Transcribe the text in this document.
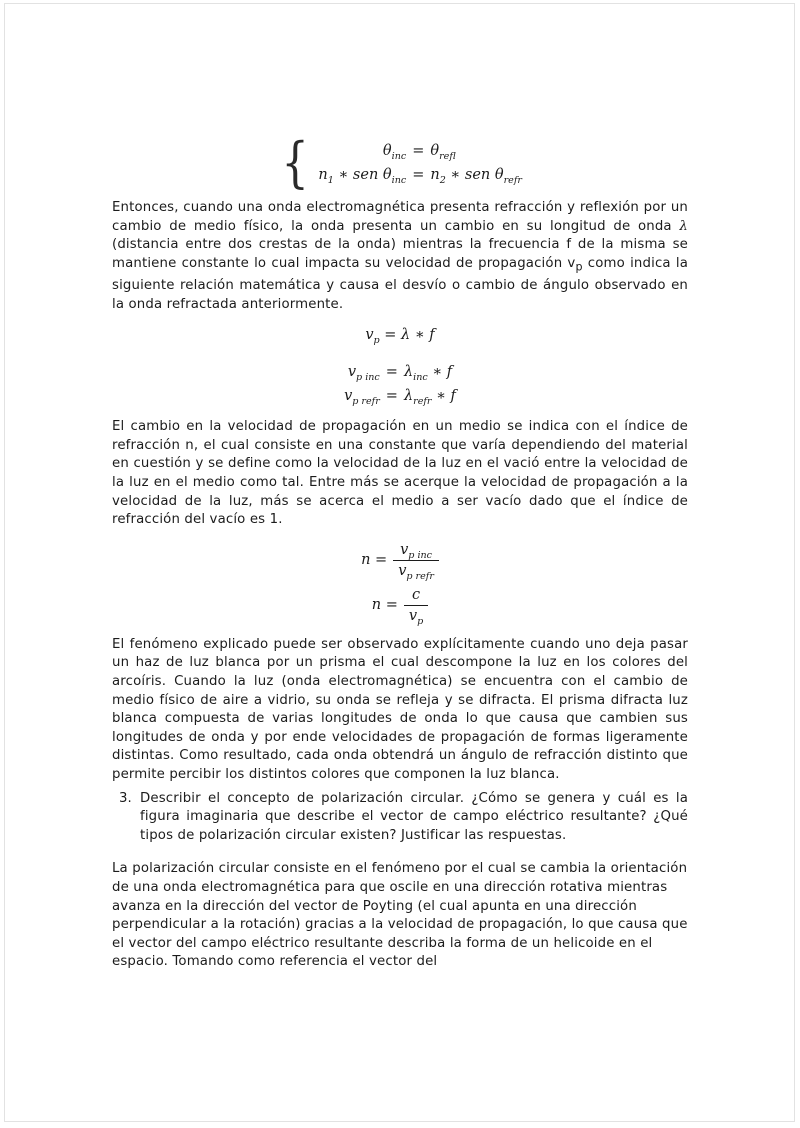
{	$\theta_{inc} = \theta_{refl}$
$n_1$ ∗ sen $\theta_{inc} = n_2$ ∗ sen $\theta_{refr}$

Entonces, cuando una onda electromagnética presenta refracción y reflexión por un cambio de medio físico, la onda presenta un cambio en su longitud de onda λ (distancia entre dos crestas de la onda) mientras la frecuencia f de la misma se mantiene constante lo cual impacta su velocidad de propagación $v_p$ como indica la siguiente relación matemática y causa el desvío o cambio de ángulo observado en la onda refractada anteriormente.

$v_p = \lambda$ ∗ f
$v_{p inc} = \lambda_{inc}$ ∗ f
$v_{p refr} = \lambda_{refr}$ ∗ f

El cambio en la velocidad de propagación en un medio se indica con el índice de refracción n, el cual consiste en una constante que varía dependiendo del material en cuestión y se define como la velocidad de la luz en el vació entre la velocidad de la luz en el medio como tal. Entre más se acerque la velocidad de propagación a la velocidad de la luz, más se acerca el medio a ser vacío dado que el índice de refracción del vacío es 1.

$n = \frac{v_{p inc}}{v_{p refr}}$
$n = \frac{c}{v_p}$

El fenómeno explicado puede ser observado explícitamente cuando uno deja pasar un haz de luz blanca por un prisma el cual descompone la luz en los colores del arcoíris. Cuando la luz (onda electromagnética) se encuentra con el cambio de medio físico de aire a vidrio, su onda se refleja y se difracta. El prisma difracta luz blanca compuesta de varias longitudes de onda lo que causa que cambien sus longitudes de onda y por ende velocidades de propagación de formas ligeramente distintas. Como resultado, cada onda obtendrá un ángulo de refracción distinto que permite percibir los distintos colores que componen la luz blanca.

3. Describir el concepto de polarización circular. ¿Cómo se genera y cuál es la figura imaginaria que describe el vector de campo eléctrico resultante? ¿Qué tipos de polarización circular existen? Justificar las respuestas.

La polarización circular consiste en el fenómeno por el cual se cambia la orientación de una onda electromagnética para que oscile en una dirección rotativa mientras avanza en la dirección del vector de Poyting (el cual apunta en una dirección perpendicular a la rotación) gracias a la velocidad de propagación, lo que causa que el vector del campo eléctrico resultante describa la forma de un helicoide en el espacio. Tomando como referencia el vector del
